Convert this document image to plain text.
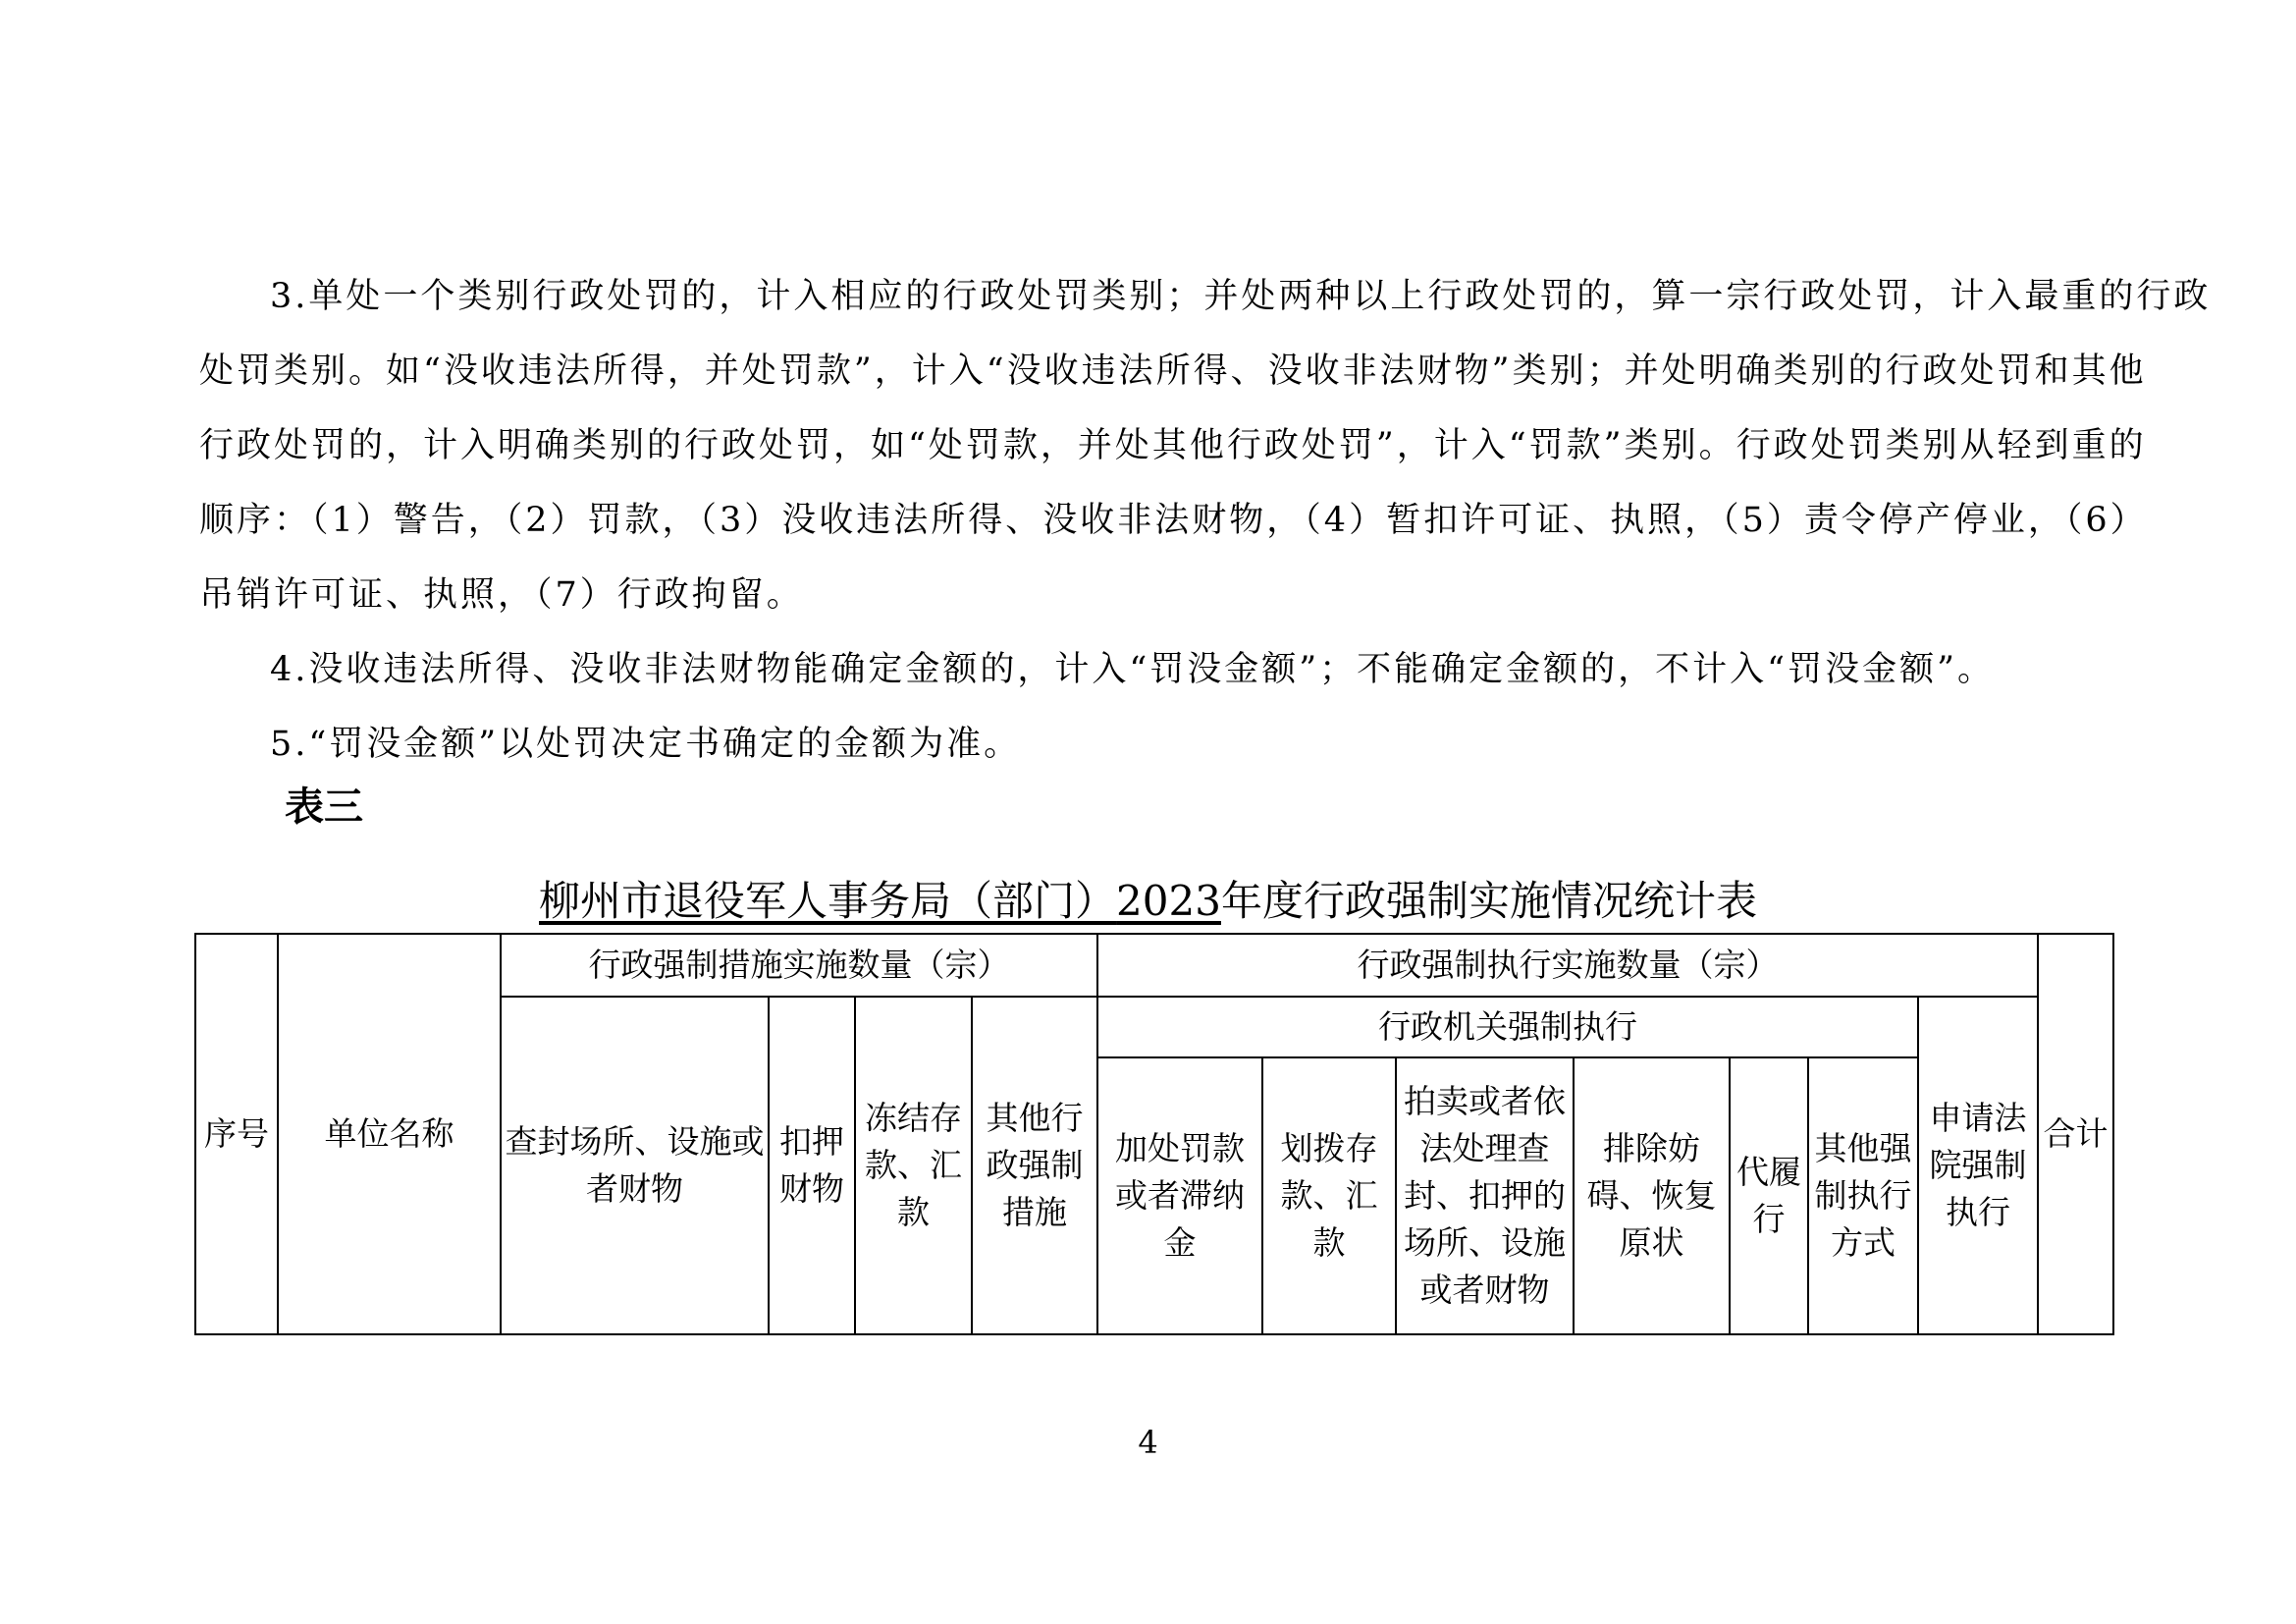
3.单处一个类别行政处罚的，计入相应的行政处罚类别；并处两种以上行政处罚的，算一宗行政处罚，计入最重的行政
处罚类别。如“没收违法所得，并处罚款”，计入“没收违法所得、没收非法财物”类别；并处明确类别的行政处罚和其他
行政处罚的，计入明确类别的行政处罚，如“处罚款，并处其他行政处罚”，计入“罚款”类别。行政处罚类别从轻到重的
顺序：（1）警告，（2）罚款，（3）没收违法所得、没收非法财物，（4）暂扣许可证、执照，（5）责令停产停业，（6）
吊销许可证、执照，（7）行政拘留。
4.没收违法所得、没收非法财物能确定金额的，计入“罚没金额”；不能确定金额的，不计入“罚没金额”。
5.“罚没金额”以处罚决定书确定的金额为准。
表三
柳州市退役军人事务局（部门）2023年度行政强制实施情况统计表
序号	单位名称	行政强制措施实施数量（宗）				行政强制执行实施数量（宗）							合计
		查封场所、设施或者财物	扣押财物	冻结存款、汇款	其他行政强制措施	行政机关强制执行						申请法院强制执行	
						加处罚款或者滞纳金	划拨存款、汇款	拍卖或者依法处理查封、扣押的场所、设施或者财物	排除妨碍、恢复原状	代履行	其他强制执行方式		
4
